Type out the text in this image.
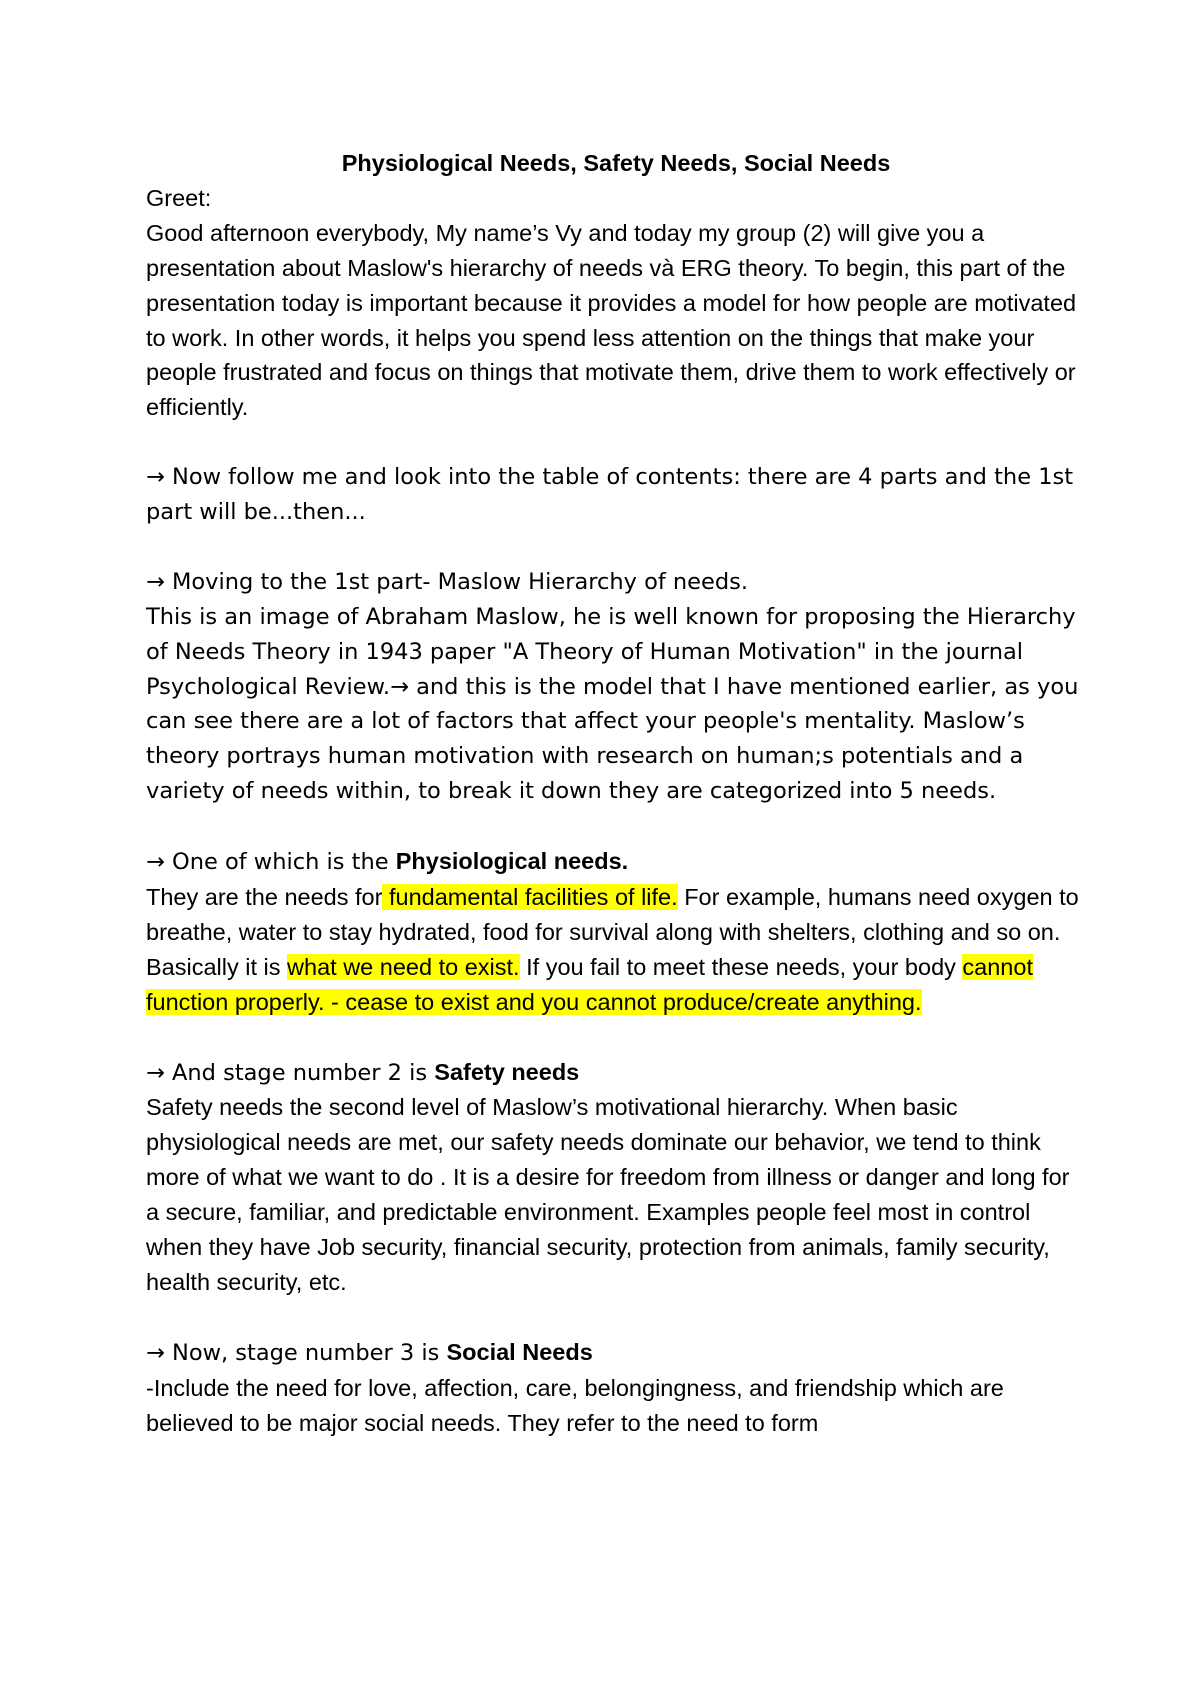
Physiological Needs, Safety Needs, Social Needs

Greet:

Good afternoon everybody, My name’s Vy and today my group (2) will give you a presentation about Maslow's hierarchy of needs và ERG theory. To begin, this part of the presentation today is important because it provides a model for how people are motivated to work. In other words, it helps you spend less attention on the things that make your people frustrated and focus on things that motivate them, drive them to work effectively or efficiently.

→ Now follow me and look into the table of contents: there are 4 parts and the 1st part will be...then...

→ Moving to the 1st part- Maslow Hierarchy of needs.

This is an image of Abraham Maslow, he is well known for proposing the Hierarchy of Needs Theory in 1943 paper "A Theory of Human Motivation" in the journal Psychological Review.→ and this is the model that I have mentioned earlier, as you can see there are a lot of factors that affect your people's mentality. Maslow’s theory portrays human motivation with research on human;s potentials and a variety of needs within, to break it down they are categorized into 5 needs.

→ One of which is the Physiological needs.

They are the needs for fundamental facilities of life. For example, humans need oxygen to breathe, water to stay hydrated, food for survival along with shelters, clothing and so on. Basically it is what we need to exist. If you fail to meet these needs, your body cannot function properly. - cease to exist and you cannot produce/create anything.

→ And stage number 2 is Safety needs

Safety needs the second level of Maslow’s motivational hierarchy. When basic physiological needs are met, our safety needs dominate our behavior, we tend to think more of what we want to do . It is a desire for freedom from illness or danger and long for a secure, familiar, and predictable environment. Examples people feel most in control when they have Job security, financial security, protection from animals, family security, health security, etc.

→ Now, stage number 3 is Social Needs

-Include the need for love, affection, care, belongingness, and friendship which are believed to be major social needs. They refer to the need to form
